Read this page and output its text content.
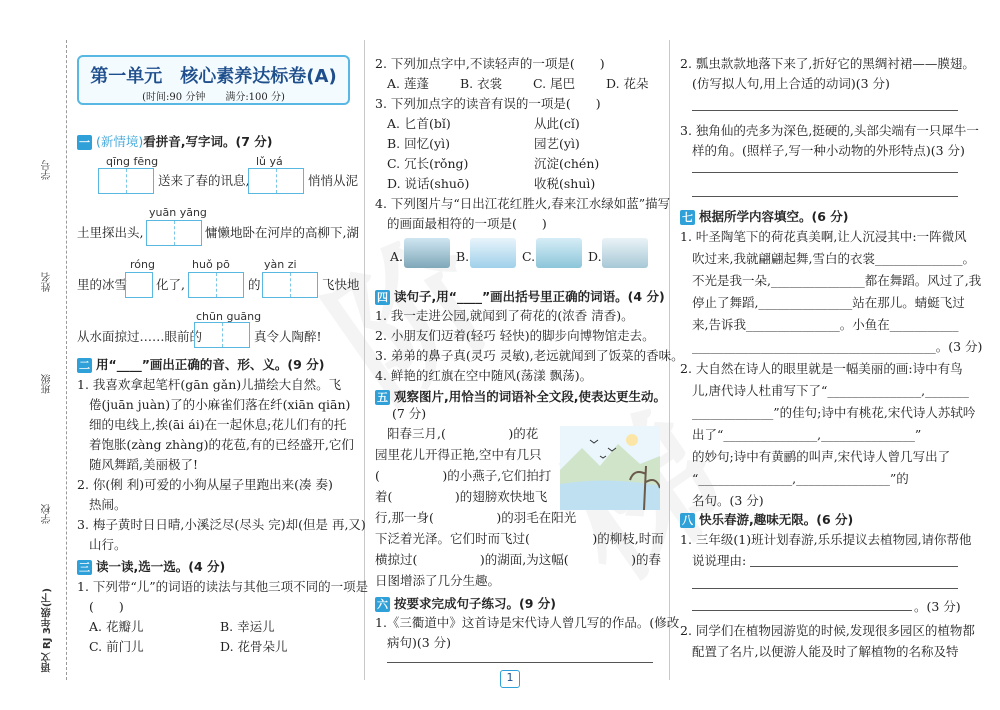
学号
姓名
班级
学校
语文 RJ 3年级(下)
第一单元　核心素养达标卷(A)
(时间:90 分钟　　满分:100 分)
一 (新情境)看拼音,写字词。(7 分)
qīng fēng	lǔ yá
送来了春的讯息,	悄悄从泥
yuān yāng
土里探出头,	慵懒地卧在河岸的高柳下,湖
róng	huǒ pō	yàn zi
里的冰雪 化了,	的	飞快地
chūn guāng
从水面掠过……眼前的	真令人陶醉!
二 用“____”画出正确的音、形、义。(9 分)
1. 我喜欢拿起笔杆(gān gǎn)儿描绘大自然。飞
倦(juān juàn)了的小麻雀们落在纤(xiān qiān)
细的电线上,挨(āi ái)在一起休息;花儿们有的托
着饱胀(zàng zhàng)的花苞,有的已经盛开,它们
随风舞蹈,美丽极了!
2. 你(俐 利)可爱的小狗从屋子里跑出来(凑 奏)
热闹。
3. 梅子黄时日日晴,小溪泛尽(尽头 完)却(但是 再,又)
山行。
三 读一读,选一选。(4 分)
1. 下列带“儿”的词语的读法与其他三项不同的一项是
(　　)
A. 花瓣儿	B. 幸运儿
C. 前门儿	D. 花骨朵儿
2. 下列加点字中,不读轻声的一项是(　　)
A. 莲蓬 B. 衣裳 C. 尾巴 D. 花朵
3. 下列加点字的读音有误的一项是(　　)
A. 匕首(bǐ)	从此(cǐ)
B. 回忆(yì)	园艺(yì)
C. 冗长(rǒng)	沉淀(chén)
D. 说话(shuō)	收税(shuì)
4. 下列图片与“日出江花红胜火,春来江水绿如蓝”描写
的画面最相符的一项是(　　)
A.	B.	C.	D.
四 读句子,用“____”画出括号里正确的词语。(4 分)
1. 我一走进公园,就闻到了荷花的(浓香 清香)。
2. 小朋友们迈着(轻巧 轻快)的脚步向博物馆走去。
3. 弟弟的鼻子真(灵巧 灵敏),老远就闻到了饭菜的香味。
4. 鲜艳的红旗在空中随风(荡漾 飘荡)。
五 观察图片,用恰当的词语补全文段,使表达更生动。
(7 分)
阳春三月,(　　　　　)的花
园里花儿开得正艳,空中有几只
(　　　　　)的小燕子,它们拍打
着(　　　　　)的翅膀欢快地飞
行,那一身(　　　　　)的羽毛在阳光
下泛着光泽。它们时而飞过(　　　　　)的柳枝,时而
横掠过(　　　　　)的湖面,为这幅(　　　　　)的春
日图增添了几分生趣。
六 按要求完成句子练习。(9 分)
1.《三衢道中》这首诗是宋代诗人曾几写的作品。(修改
病句)(3 分)
1
2. 瓢虫款款地落下来了,折好它的黑绸衬裙——膜翅。
(仿写拟人句,用上合适的动词)(3 分)
3. 独角仙的壳多为深色,挺硬的,头部尖端有一只犀牛一
样的角。(照样子,写一种小动物的外形特点)(3 分)
七 根据所学内容填空。(6 分)
1. 叶圣陶笔下的荷花真美啊,让人沉浸其中:一阵微风
吹过来,我就翩翩起舞,雪白的衣裳______________。
不光是我一朵,_______________都在舞蹈。风过了,我
停止了舞蹈,_______________站在那儿。蜻蜓飞过
来,告诉我_______________。小鱼在___________
_______________________________________。(3 分)
2. 大自然在诗人的眼里就是一幅美丽的画:诗中有鸟
儿,唐代诗人杜甫写下了“_______________,_______
_____________”的佳句;诗中有桃花,宋代诗人苏轼吟
出了“_______________,_______________”
的妙句;诗中有黄鹂的叫声,宋代诗人曾几写出了
“_______________,_______________”的
名句。(3 分)
八 快乐春游,趣味无限。(6 分)
1. 三年级(1)班计划春游,乐乐提议去植物园,请你帮他
说说理由:
。(3 分)
2. 同学们在植物园游览的时候,发现很多园区的植物都
配置了名片,以便游人能及时了解植物的名称及特
